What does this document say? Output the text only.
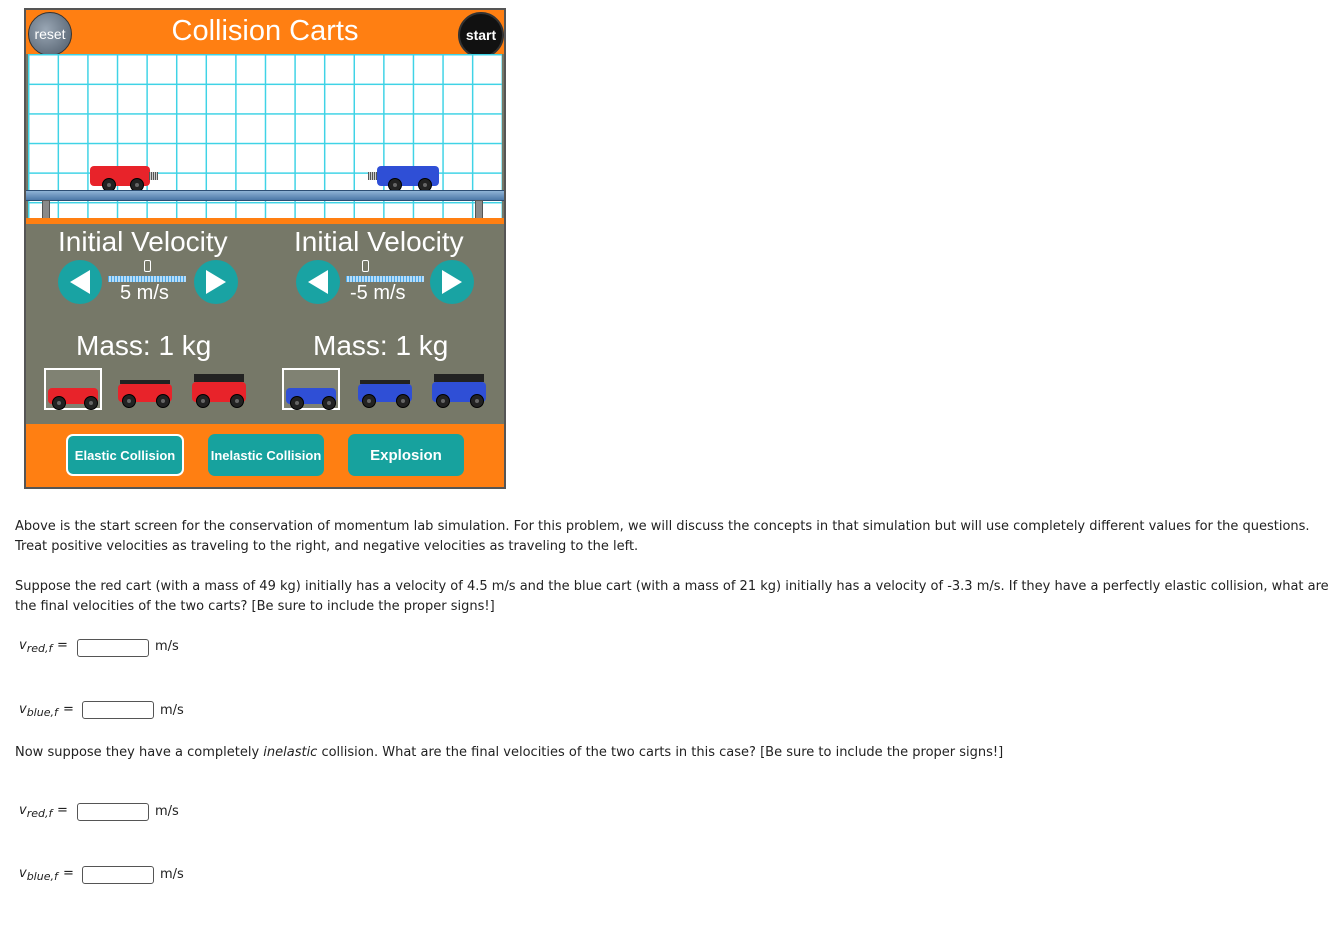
Collision Carts
reset	start
Initial Velocity
5 m/s
Mass: 1 kg
Initial Velocity
-5 m/s
Mass: 1 kg
Elastic Collision	Inelastic Collision	Explosion
Above is the start screen for the conservation of momentum lab simulation. For this problem, we will discuss the concepts in that simulation but will use completely different values for the questions. Treat positive velocities as traveling to the right, and negative velocities as traveling to the left.
Suppose the red cart (with a mass of 49 kg) initially has a velocity of 4.5 m/s and the blue cart (with a mass of 21 kg) initially has a velocity of -3.3 m/s. If they have a perfectly elastic collision, what are the final velocities of the two carts? [Be sure to include the proper signs!]
$v_{red,f}$ =	m/s
$v_{blue,f}$ =	m/s
Now suppose they have a completely inelastic collision. What are the final velocities of the two carts in this case? [Be sure to include the proper signs!]
$v_{red,f}$ =	m/s
$v_{blue,f}$ =	m/s
